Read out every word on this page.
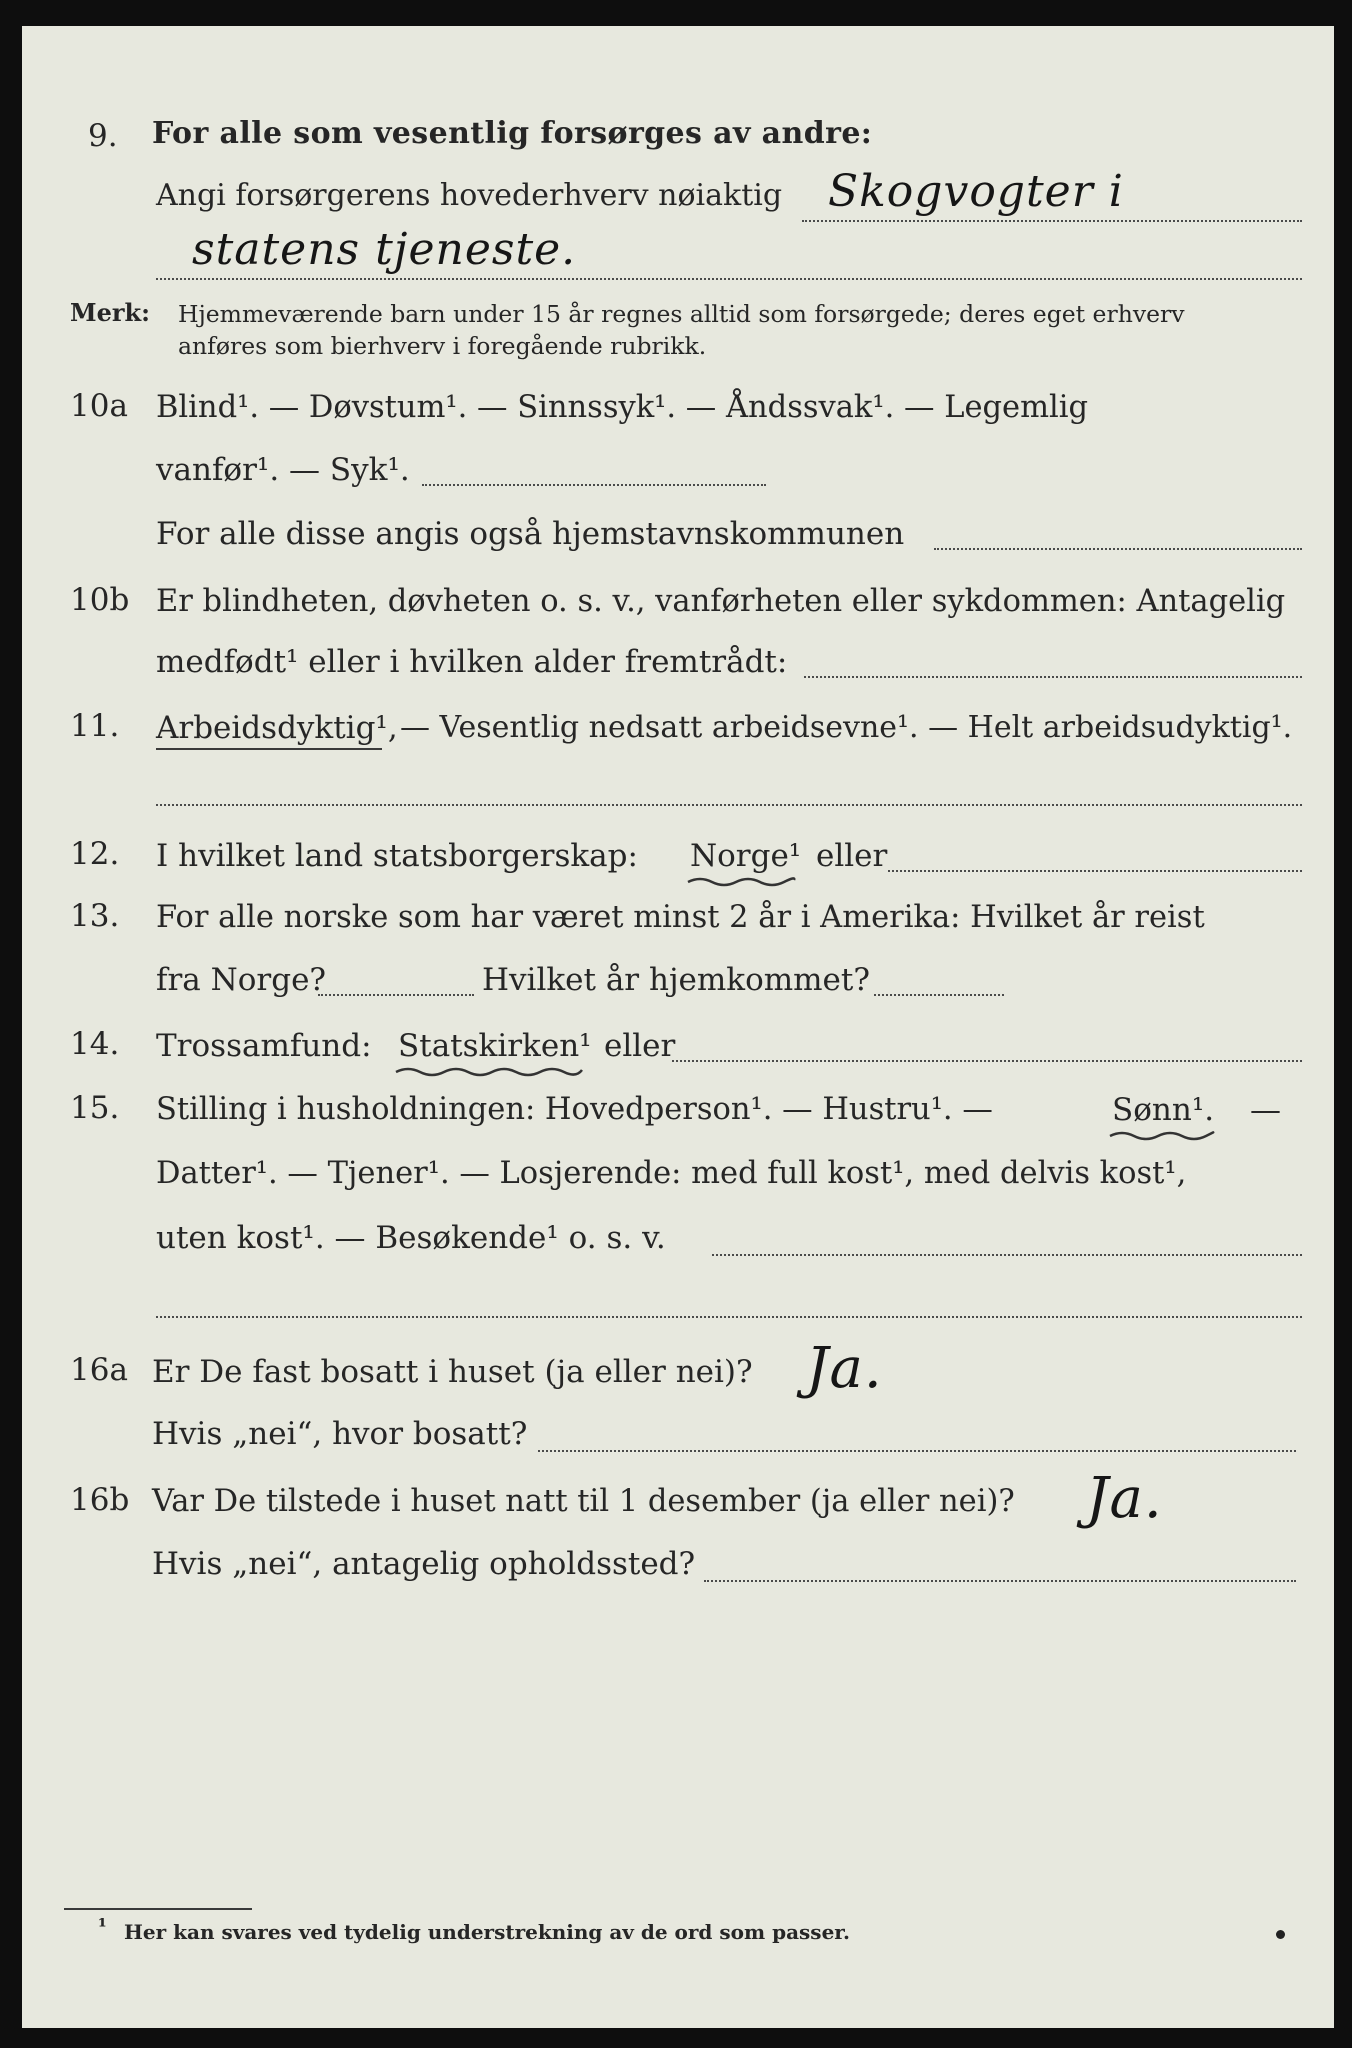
9. For alle som vesentlig forsørges av andre:
Angi forsørgerens hovederhverv nøiaktig Skogvogter i
statens tjeneste.
Merk: Hjemmeværende barn under 15 år regnes alltid som forsørgede; deres eget erhverv
anføres som bierhverv i foregående rubrikk.
10a Blind¹. — Døvstum¹. — Sinnssyk¹. — Åndssvak¹. — Legemlig
vanfør¹. — Syk¹.
For alle disse angis også hjemstavnskommunen
10b Er blindheten, døvheten o. s. v., vanførheten eller sykdommen: Antagelig
medfødt¹ eller i hvilken alder fremtrådt:
11. Arbeidsdyktig¹, — Vesentlig nedsatt arbeidsevne¹. — Helt arbeidsudyktig¹.
12. I hvilket land statsborgerskap: Norge¹ eller
13. For alle norske som har været minst 2 år i Amerika: Hvilket år reist
fra Norge?	Hvilket år hjemkommet?
14. Trossamfund: Statskirken¹ eller
15. Stilling i husholdningen: Hovedperson¹. — Hustru¹. —	Sønn¹. —
Datter¹. — Tjener¹. — Losjerende: med full kost¹, med delvis kost¹,
uten kost¹. — Besøkende¹ o. s. v.
16a Er De fast bosatt i huset (ja eller nei)? Ja.
Hvis „nei“, hvor bosatt?
16b Var De tilstede i huset natt til 1 desember (ja eller nei)? Ja.
Hvis „nei“, antagelig opholdssted?
¹ Her kan svares ved tydelig understrekning av de ord som passer.
